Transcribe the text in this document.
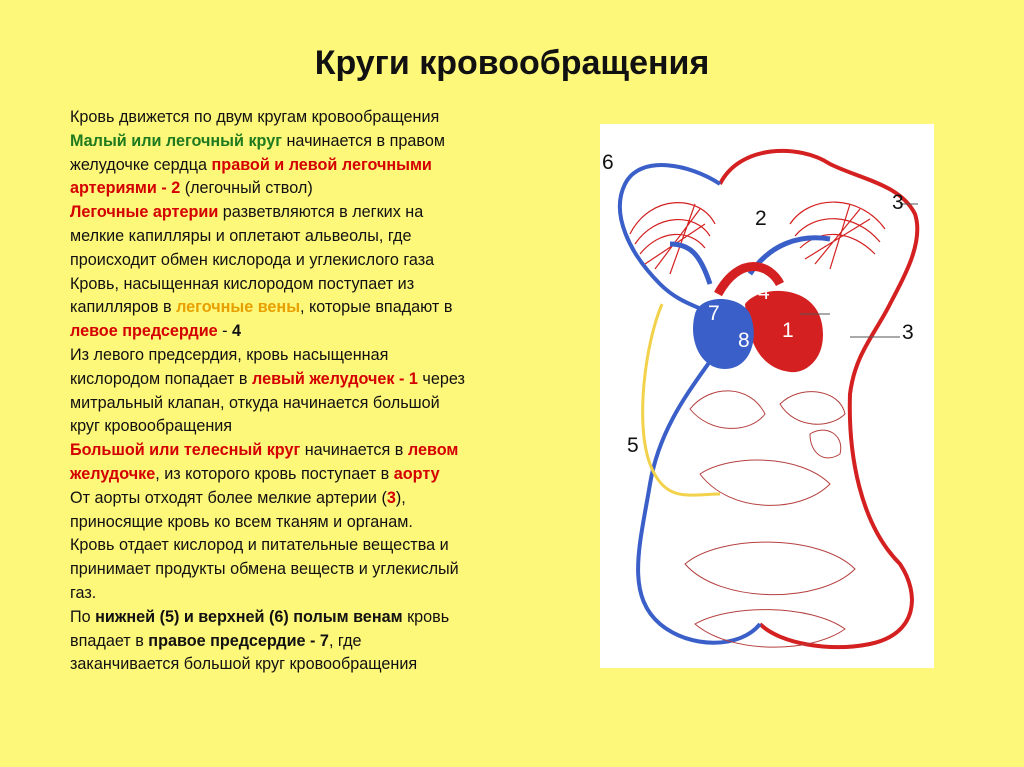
Круги кровообращения
Кровь движется по двум кругам кровообращения
Малый или легочный круг начинается в правом
желудочке сердца правой и левой легочными
артериями - 2 (легочный ствол)
Легочные артерии разветвляются в легких на
мелкие капилляры и оплетают альвеолы, где
происходит обмен кислорода и углекислого газа
Кровь, насыщенная кислородом поступает из
капилляров в легочные вены, которые впадают в
левое предсердие - 4
Из левого предсердия, кровь насыщенная
кислородом попадает в левый желудочек - 1 через
митральный клапан, откуда начинается большой
круг кровообращения
Большой или телесный круг начинается в левом
желудочке, из которого кровь поступает в аорту
От аорты отходят более мелкие артерии (3),
приносящие кровь ко всем тканям и органам.
Кровь отдает кислород и питательные вещества и
принимает продукты обмена веществ и углекислый
газ.
По нижней (5) и верхней (6) полым венам кровь
впадает в правое предсердие - 7, где
заканчивается большой круг кровообращения
6
2
3
4
7
8 1	3
5
